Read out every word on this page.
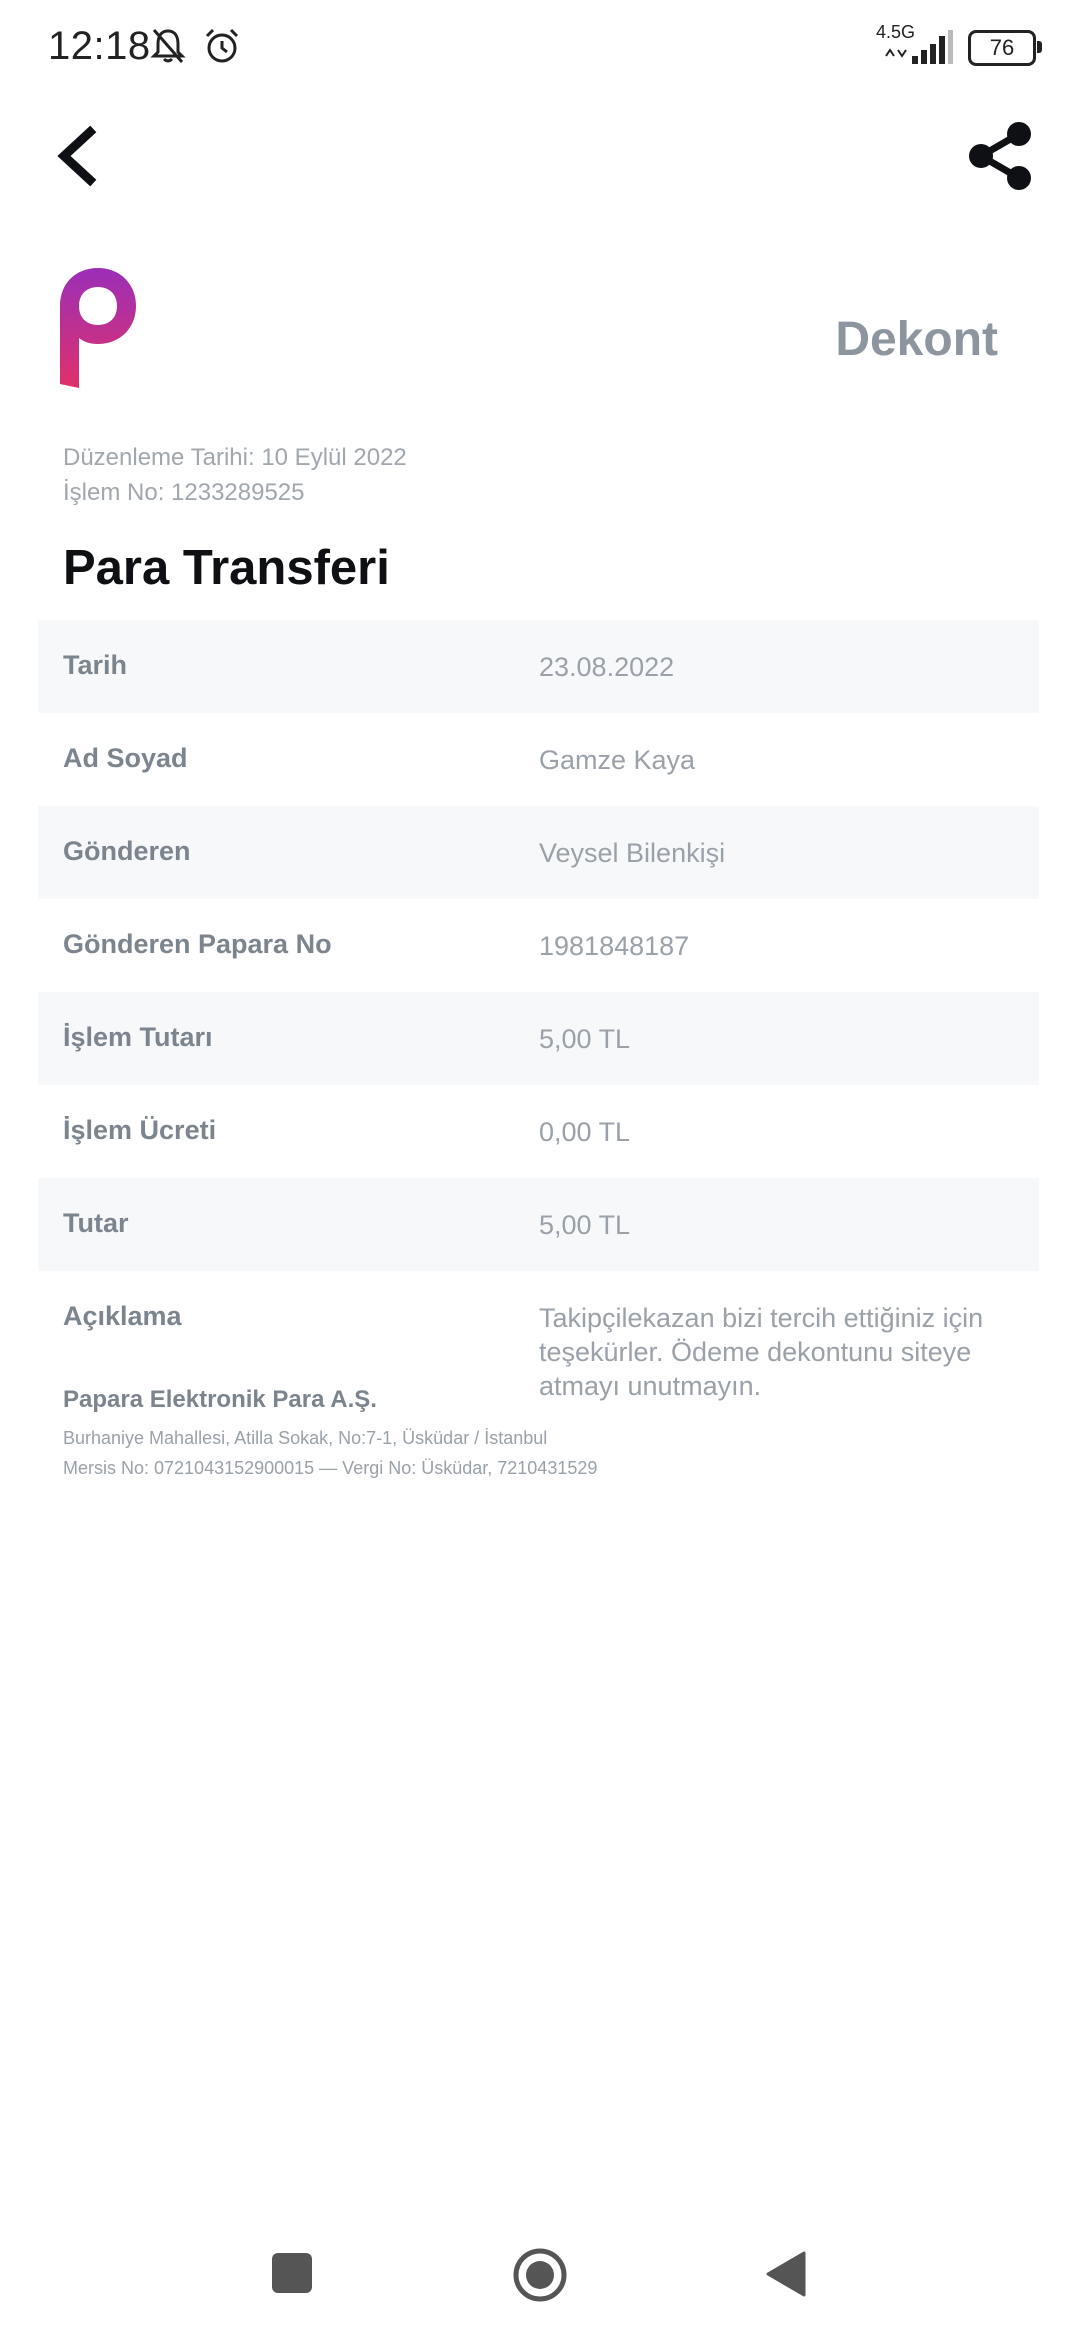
12:18	4.5G
76
Dekont
Düzenleme Tarihi: 10 Eylül 2022
İşlem No: 1233289525
Para Transferi
Tarih	23.08.2022
Ad Soyad	Gamze Kaya
Gönderen	Veysel Bilenkişi
Gönderen Papara No	1981848187
İşlem Tutarı	5,00 TL
İşlem Ücreti	0,00 TL
Tutar	5,00 TL
Açıklama	Takipçilekazan bizi tercih ettiğiniz için teşekürler. Ödeme dekontunu siteye atmayı unutmayın.
Papara Elektronik Para A.Ş.
Burhaniye Mahallesi, Atilla Sokak, No:7-1, Üsküdar / İstanbul
Mersis No: 0721043152900015 — Vergi No: Üsküdar, 7210431529
